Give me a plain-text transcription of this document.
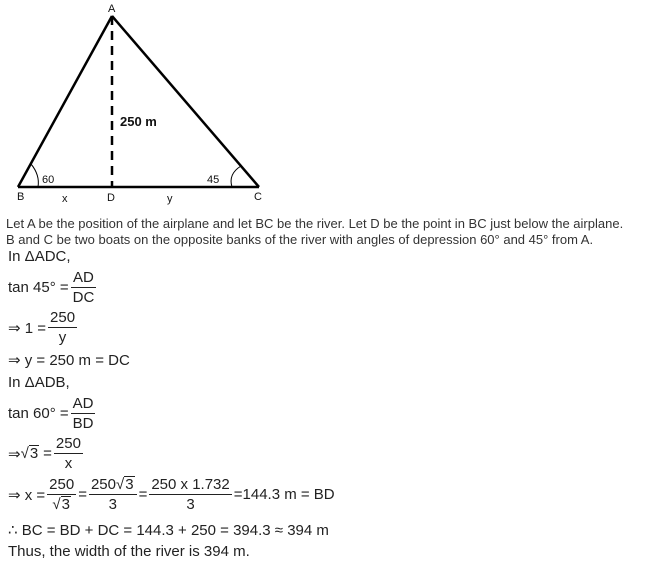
A
B	C
D
250 m
60	45
x	y
Let A be the position of the airplane and let BC be the river. Let D be the point in BC just below the airplane.
B and C be two boats on the opposite banks of the river with angles of depression 60° and 45° from A.
In ΔADC,
$\tan 45^\circ = \frac{AD}{DC}$
⇒ $1 = \frac{250}{y}$
⇒ y = 250 m = DC
In ΔADB,
$\tan 60^\circ = \frac{AD}{BD}$
⇒ √ $3 = \frac{250}{x}$
⇒ $x = \frac{250}{√ 3} = \frac{250 √ 3}{3} = \frac{250 x 1.732}{3} =144.3$ m = BD
∴ BC = BD + DC = 144.3 + 250 = 394.3 ≈ 394 m
Thus, the width of the river is 394 m.
